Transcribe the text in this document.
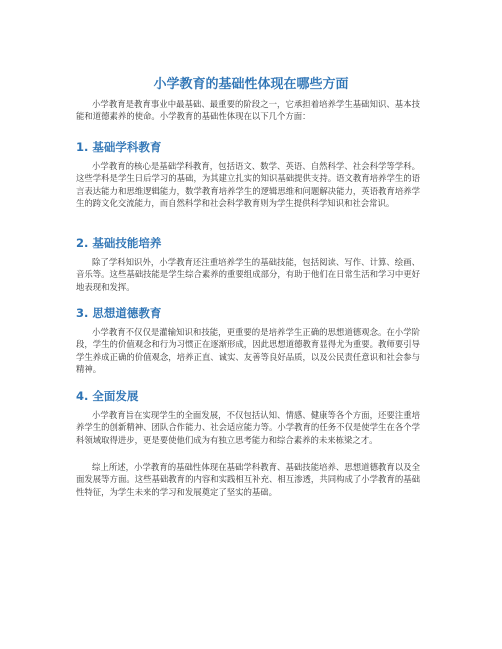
小学教育的基础性体现在哪些方面

小学教育是教育事业中最基础、最重要的阶段之一，它承担着培养学生基础知识、基本技能和道德素养的使命。小学教育的基础性体现在以下几个方面：

1. 基础学科教育

小学教育的核心是基础学科教育，包括语文、数学、英语、自然科学、社会科学等学科。这些学科是学生日后学习的基础，为其建立扎实的知识基础提供支持。语文教育培养学生的语言表达能力和思维逻辑能力，数学教育培养学生的逻辑思维和问题解决能力，英语教育培养学生的跨文化交流能力，而自然科学和社会科学教育则为学生提供科学知识和社会常识。

2. 基础技能培养

除了学科知识外，小学教育还注重培养学生的基础技能，包括阅读、写作、计算、绘画、音乐等。这些基础技能是学生综合素养的重要组成部分，有助于他们在日常生活和学习中更好地表现和发挥。

3. 思想道德教育

小学教育不仅仅是灌输知识和技能，更重要的是培养学生正确的思想道德观念。在小学阶段，学生的价值观念和行为习惯正在逐渐形成，因此思想道德教育显得尤为重要。教师要引导学生养成正确的价值观念，培养正直、诚实、友善等良好品质，以及公民责任意识和社会参与精神。

4. 全面发展

小学教育旨在实现学生的全面发展，不仅包括认知、情感、健康等各个方面，还要注重培养学生的创新精神、团队合作能力、社会适应能力等。小学教育的任务不仅是使学生在各个学科领域取得进步，更是要使他们成为有独立思考能力和综合素养的未来栋梁之才。

综上所述，小学教育的基础性体现在基础学科教育、基础技能培养、思想道德教育以及全面发展等方面。这些基础教育的内容和实践相互补充、相互渗透，共同构成了小学教育的基础性特征，为学生未来的学习和发展奠定了坚实的基础。
